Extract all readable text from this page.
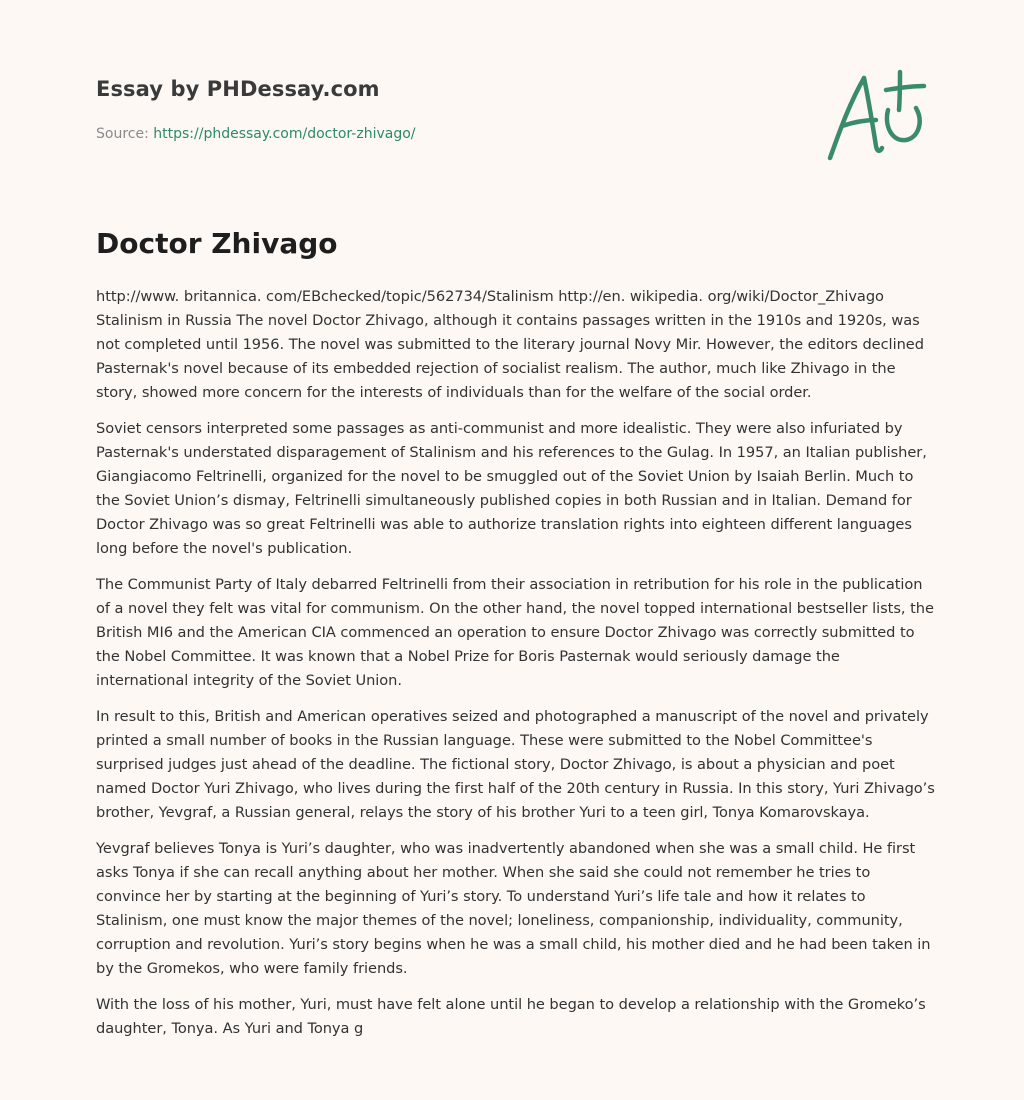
Essay by PHDessay.com
Source: https://phdessay.com/doctor-zhivago/
Doctor Zhivago

http://www. britannica. com/EBchecked/topic/562734/Stalinism http://en. wikipedia. org/wiki/Doctor_Zhivago Stalinism in Russia The novel Doctor Zhivago, although it contains passages written in the 1910s and 1920s, was not completed until 1956. The novel was submitted to the literary journal Novy Mir. However, the editors declined Pasternak's novel because of its embedded rejection of socialist realism. The author, much like Zhivago in the story, showed more concern for the interests of individuals than for the welfare of the social order.

Soviet censors interpreted some passages as anti-communist and more idealistic. They were also infuriated by Pasternak's understated disparagement of Stalinism and his references to the Gulag. In 1957, an Italian publisher, Giangiacomo Feltrinelli, organized for the novel to be smuggled out of the Soviet Union by Isaiah Berlin. Much to the Soviet Union’s dismay, Feltrinelli simultaneously published copies in both Russian and in Italian. Demand for Doctor Zhivago was so great Feltrinelli was able to authorize translation rights into eighteen different languages long before the novel's publication.

The Communist Party of Italy debarred Feltrinelli from their association in retribution for his role in the publication of a novel they felt was vital for communism. On the other hand, the novel topped international bestseller lists, the British MI6 and the American CIA commenced an operation to ensure Doctor Zhivago was correctly submitted to the Nobel Committee. It was known that a Nobel Prize for Boris Pasternak would seriously damage the international integrity of the Soviet Union.

In result to this, British and American operatives seized and photographed a manuscript of the novel and privately printed a small number of books in the Russian language. These were submitted to the Nobel Committee's surprised judges just ahead of the deadline. The fictional story, Doctor Zhivago, is about a physician and poet named Doctor Yuri Zhivago, who lives during the first half of the 20th century in Russia. In this story, Yuri Zhivago’s brother, Yevgraf, a Russian general, relays the story of his brother Yuri to a teen girl, Tonya Komarovskaya.

Yevgraf believes Tonya is Yuri’s daughter, who was inadvertently abandoned when she was a small child. He first asks Tonya if she can recall anything about her mother. When she said she could not remember he tries to convince her by starting at the beginning of Yuri’s story. To understand Yuri’s life tale and how it relates to Stalinism, one must know the major themes of the novel; loneliness, companionship, individuality, community, corruption and revolution. Yuri’s story begins when he was a small child, his mother died and he had been taken in by the Gromekos, who were family friends.

With the loss of his mother, Yuri, must have felt alone until he began to develop a relationship with the Gromeko’s daughter, Tonya. As Yuri and Tonya g
